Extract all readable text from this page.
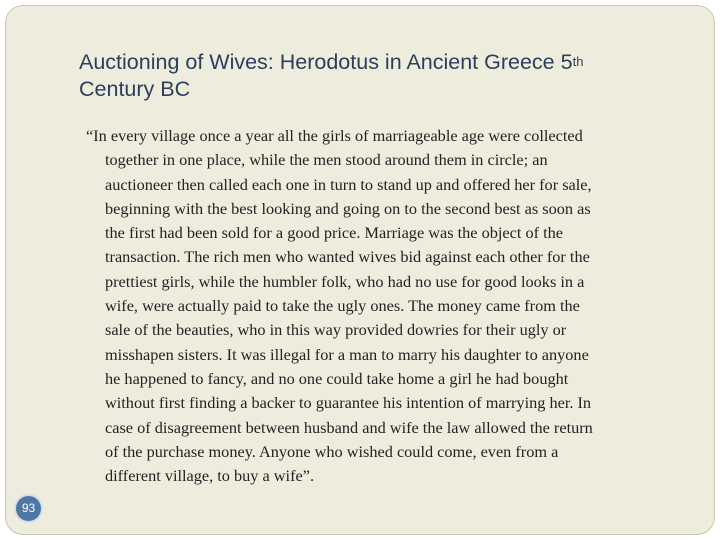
Auctioning of Wives: Herodotus in Ancient Greece 5th
Century BC
“In every village once a year all the girls of marriageable age were collected
together in one place, while the men stood around them in circle; an
auctioneer then called each one in turn to stand up and offered her for sale,
beginning with the best looking and going on to the second best as soon as
the first had been sold for a good price. Marriage was the object of the
transaction. The rich men who wanted wives bid against each other for the
prettiest girls, while the humbler folk, who had no use for good looks in a
wife, were actually paid to take the ugly ones. The money came from the
sale of the beauties, who in this way provided dowries for their ugly or
misshapen sisters. It was illegal for a man to marry his daughter to anyone
he happened to fancy, and no one could take home a girl he had bought
without first finding a backer to guarantee his intention of marrying her. In
case of disagreement between husband and wife the law allowed the return
of the purchase money. Anyone who wished could come, even from a
different village, to buy a wife”.
93
